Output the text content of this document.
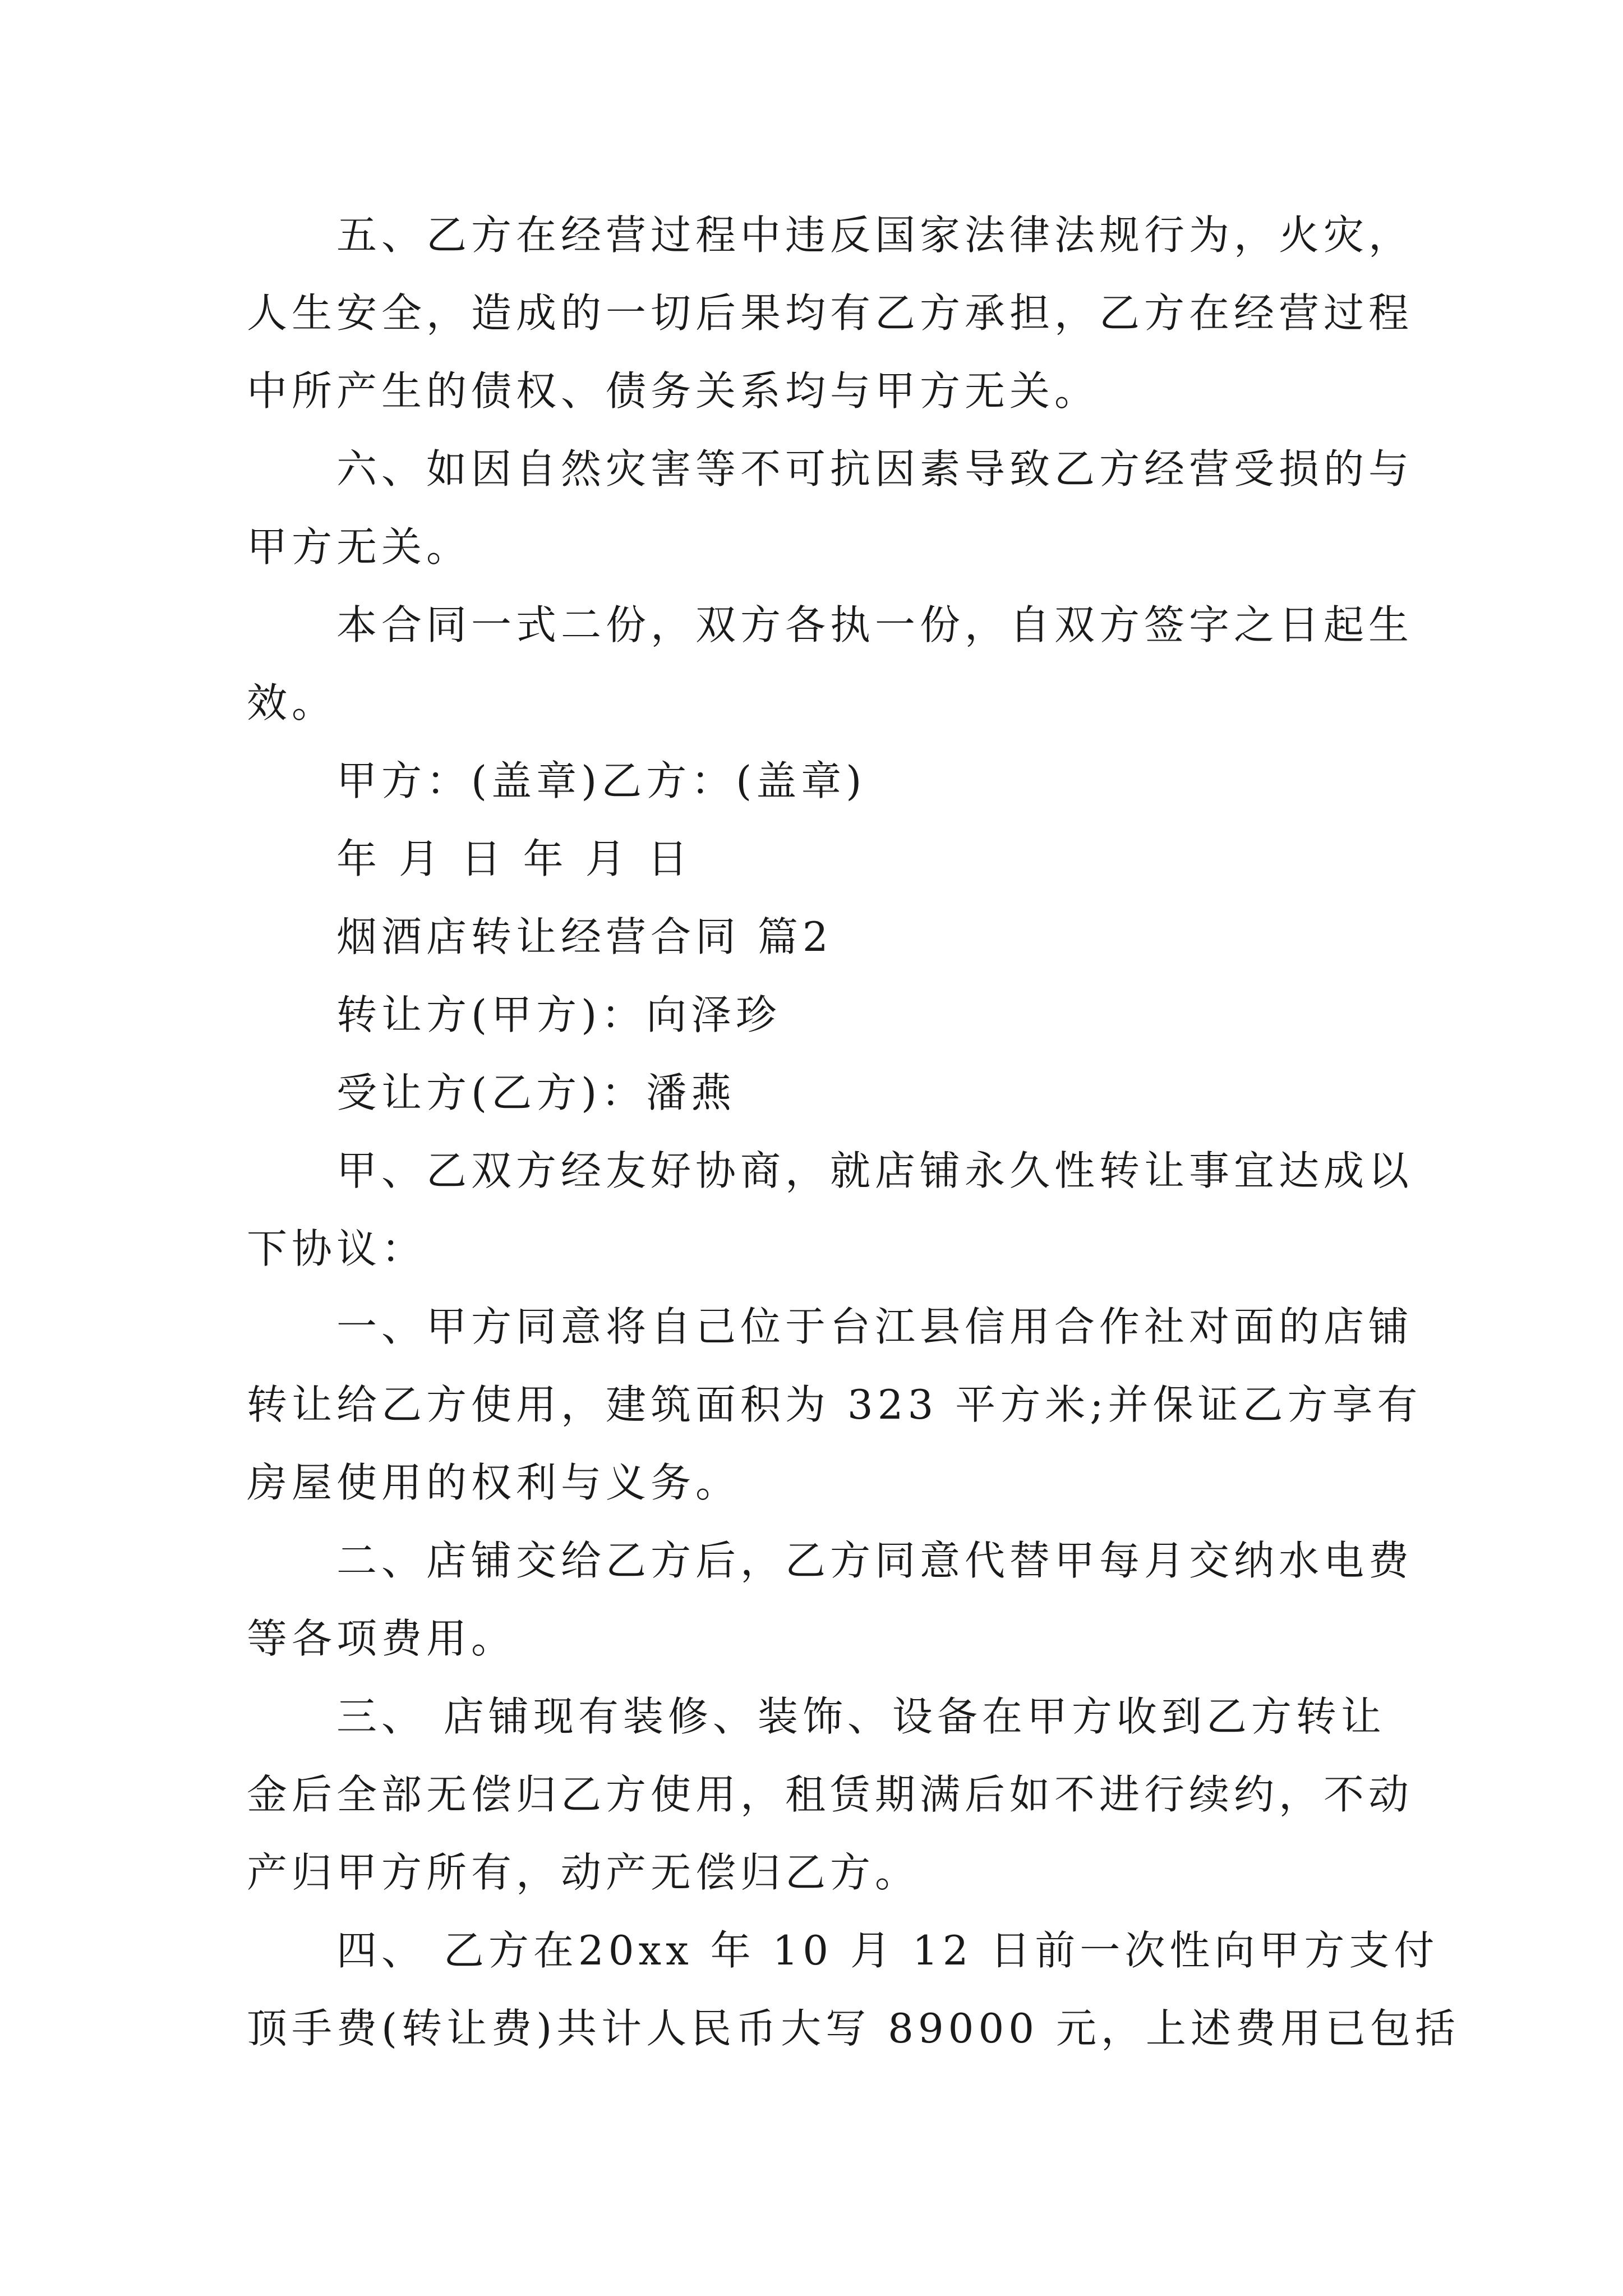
五、乙方在经营过程中违反国家法律法规行为，火灾，
人生安全，造成的一切后果均有乙方承担，乙方在经营过程
中所产生的债权、债务关系均与甲方无关。
六、如因自然灾害等不可抗因素导致乙方经营受损的与
甲方无关。
本合同一式二份，双方各执一份，自双方签字之日起生
效。
甲方：(盖章)乙方：(盖章)
年 月 日 年 月 日
烟酒店转让经营合同 篇2
转让方(甲方)：向泽珍
受让方(乙方)：潘燕
甲、乙双方经友好协商，就店铺永久性转让事宜达成以
下协议：
一、甲方同意将自己位于台江县信用合作社对面的店铺
转让给乙方使用，建筑面积为 323 平方米;并保证乙方享有
房屋使用的权利与义务。
二、店铺交给乙方后，乙方同意代替甲每月交纳水电费
等各项费用。
三、 店铺现有装修、装饰、设备在甲方收到乙方转让
金后全部无偿归乙方使用，租赁期满后如不进行续约，不动
产归甲方所有，动产无偿归乙方。
四、 乙方在20xx 年 10 月 12 日前一次性向甲方支付
顶手费(转让费)共计人民币大写 89000 元，上述费用已包括
